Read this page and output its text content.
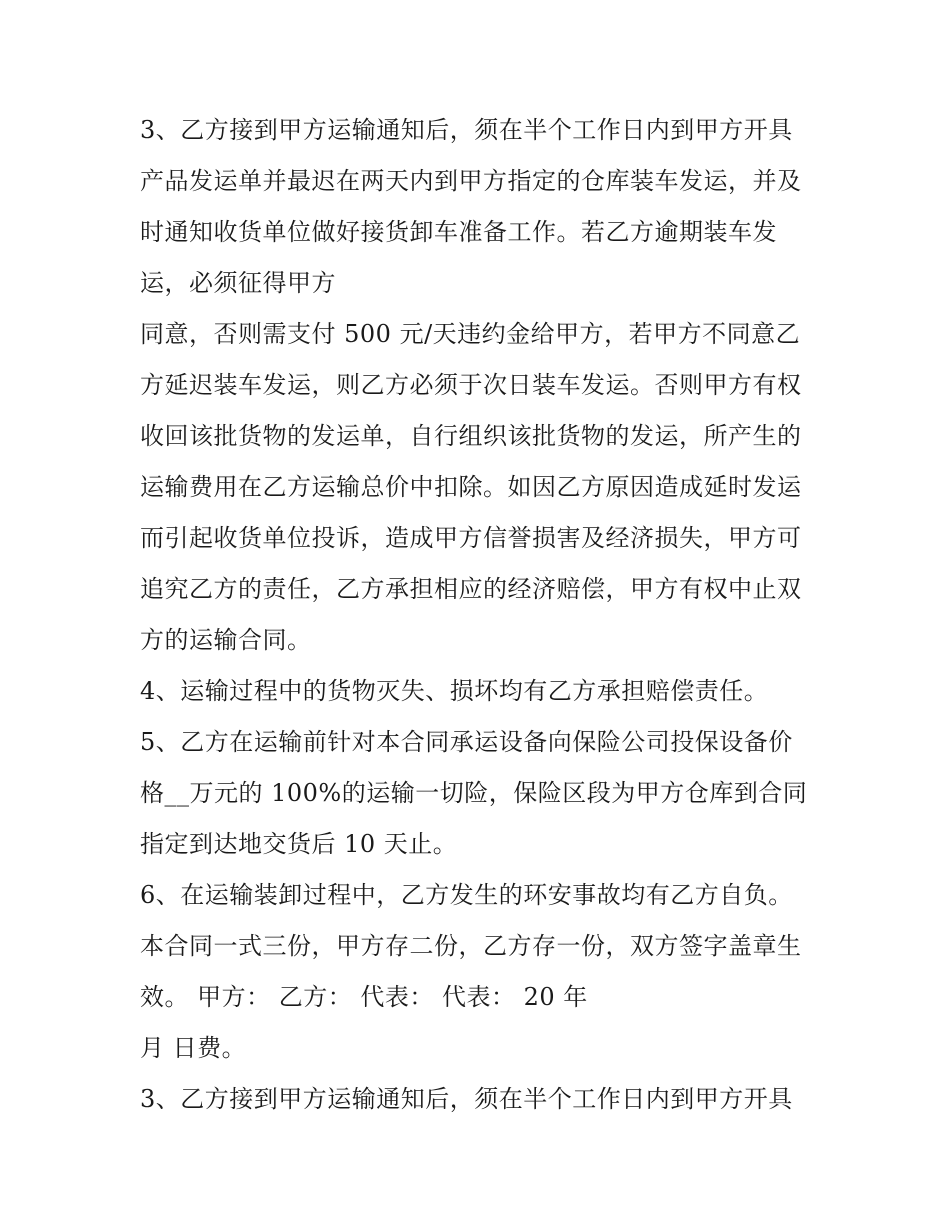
3、乙方接到甲方运输通知后，须在半个工作日内到甲方开具
产品发运单并最迟在两天内到甲方指定的仓库装车发运，并及
时通知收货单位做好接货卸车准备工作。若乙方逾期装车发
运，必须征得甲方
同意，否则需支付 500 元/天违约金给甲方，若甲方不同意乙
方延迟装车发运，则乙方必须于次日装车发运。否则甲方有权
收回该批货物的发运单，自行组织该批货物的发运，所产生的
运输费用在乙方运输总价中扣除。如因乙方原因造成延时发运
而引起收货单位投诉，造成甲方信誉损害及经济损失，甲方可
追究乙方的责任，乙方承担相应的经济赔偿，甲方有权中止双
方的运输合同。
4、运输过程中的货物灭失、损坏均有乙方承担赔偿责任。
5、乙方在运输前针对本合同承运设备向保险公司投保设备价
格__万元的 100%的运输一切险，保险区段为甲方仓库到合同
指定到达地交货后 10 天止。
6、在运输装卸过程中，乙方发生的环安事故均有乙方自负。
本合同一式三份，甲方存二份，乙方存一份，双方签字盖章生
效。 甲方： 乙方： 代表： 代表： 20 年
月 日费。
3、乙方接到甲方运输通知后，须在半个工作日内到甲方开具
